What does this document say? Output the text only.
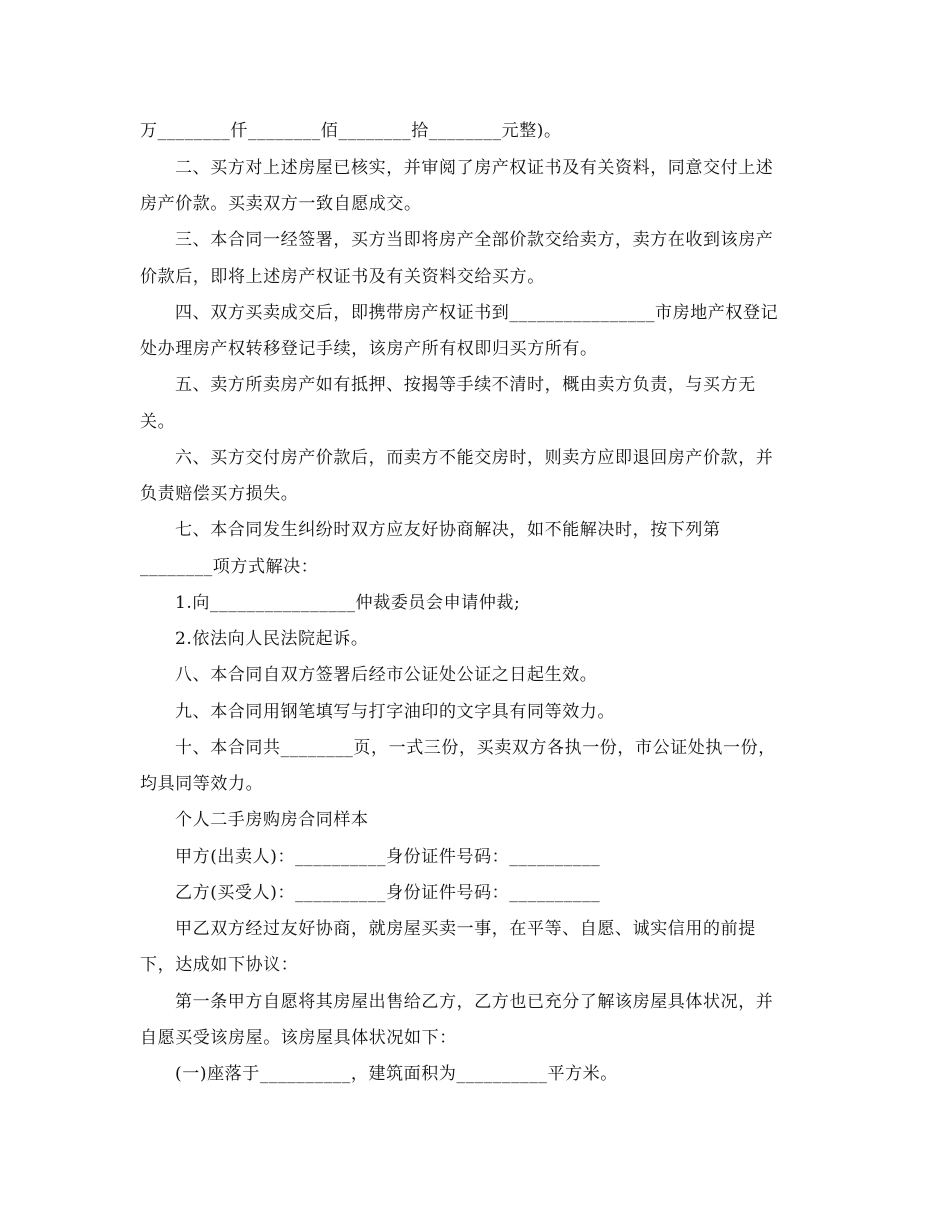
万________仟________佰________拾________元整)。
二、买方对上述房屋已核实，并审阅了房产权证书及有关资料，同意交付上述
房产价款。买卖双方一致自愿成交。
三、本合同一经签署，买方当即将房产全部价款交给卖方，卖方在收到该房产
价款后，即将上述房产权证书及有关资料交给买方。
四、双方买卖成交后，即携带房产权证书到________________市房地产权登记
处办理房产权转移登记手续，该房产所有权即归买方所有。
五、卖方所卖房产如有抵押、按揭等手续不清时，概由卖方负责，与买方无
关。
六、买方交付房产价款后，而卖方不能交房时，则卖方应即退回房产价款，并
负责赔偿买方损失。
七、本合同发生纠纷时双方应友好协商解决，如不能解决时，按下列第
________项方式解决：
1.向________________仲裁委员会申请仲裁;
2.依法向人民法院起诉。
八、本合同自双方签署后经市公证处公证之日起生效。
九、本合同用钢笔填写与打字油印的文字具有同等效力。
十、本合同共________页，一式三份，买卖双方各执一份，市公证处执一份，
均具同等效力。
个人二手房购房合同样本
甲方(出卖人)：__________身份证件号码：__________
乙方(买受人)：__________身份证件号码：__________
甲乙双方经过友好协商，就房屋买卖一事，在平等、自愿、诚实信用的前提
下，达成如下协议：
第一条甲方自愿将其房屋出售给乙方，乙方也已充分了解该房屋具体状况，并
自愿买受该房屋。该房屋具体状况如下：
(一)座落于__________，建筑面积为__________平方米。
